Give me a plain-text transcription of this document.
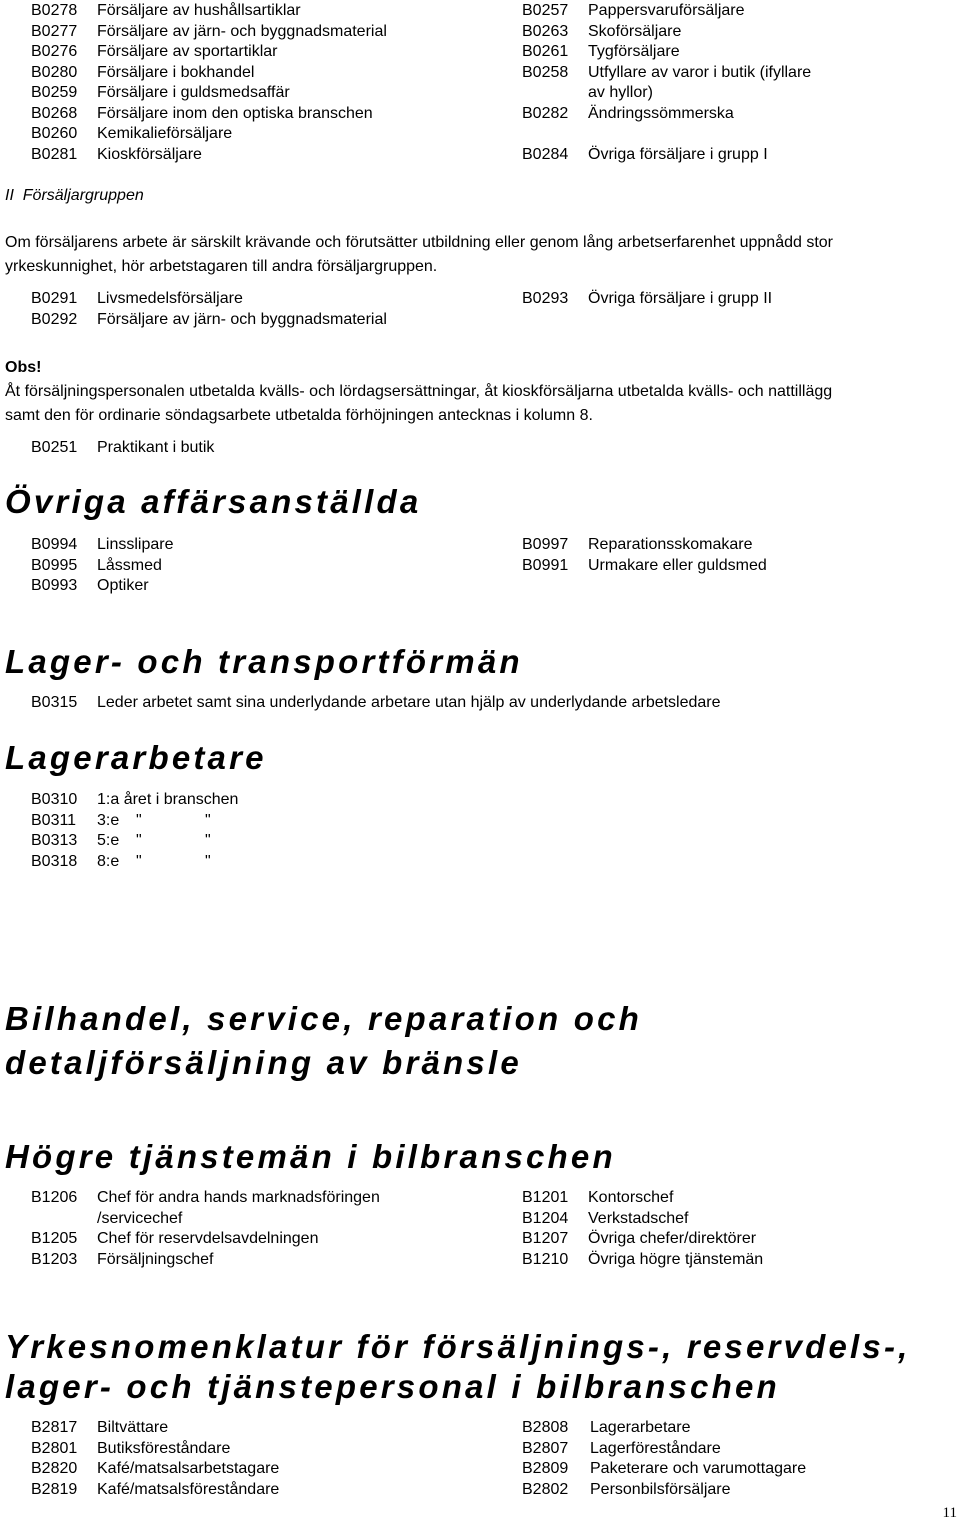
B0278 Försäljare av hushållsartiklar
B0277 Försäljare av järn- och byggnadsmaterial
B0276 Försäljare av sportartiklar
B0280 Försäljare i bokhandel
B0259 Försäljare i guldsmedsaffär
B0268 Försäljare inom den optiska branschen
B0260 Kemikalieförsäljare
B0281 Kioskförsäljare
B0257 Pappersvaruförsäljare
B0263 Skoförsäljare
B0261 Tygförsäljare
B0258 Utfyllare av varor i butik (ifyllare
av hyllor)
B0282 Ändringssömmerska
B0284 Övriga försäljare i grupp I
II  Försäljargruppen
Om försäljarens arbete är särskilt krävande och förutsätter utbildning eller genom lång arbetserfarenhet uppnådd stor
yrkeskunnighet, hör arbetstagaren till andra försäljargruppen.
B0291 Livsmedelsförsäljare
B0292 Försäljare av järn- och byggnadsmaterial
B0293 Övriga försäljare i grupp II
Obs!
Åt försäljningspersonalen utbetalda kvälls- och lördagsersättningar, åt kioskförsäljarna utbetalda kvälls- och nattillägg
samt den för ordinarie söndagsarbete utbetalda förhöjningen antecknas i kolumn 8.
B0251 Praktikant i butik
Övriga affärsanställda
B0994 Linsslipare
B0995 Låssmed
B0993 Optiker
B0997 Reparationsskomakare
B0991 Urmakare eller guldsmed
Lager- och transportförmän
B0315 Leder arbetet samt sina underlydande arbetare utan hjälp av underlydande arbetsledare
Lagerarbetare
B0310 1:a året i branschen
B0311 3:e "	"
B0313 5:e "	"
B0318 8:e "	"
Bilhandel, service, reparation och
detaljförsäljning av bränsle
Högre tjänstemän i bilbranschen
B1206 Chef för andra hands marknadsföringen
/servicechef
B1205 Chef för reservdelsavdelningen
B1203 Försäljningschef
B1201 Kontorschef
B1204 Verkstadschef
B1207 Övriga chefer/direktörer
B1210 Övriga högre tjänstemän
Yrkesnomenklatur för försäljnings-, reservdels-,
lager- och tjänstepersonal i bilbranschen
B2817 Biltvättare
B2801 Butiksföreståndare
B2820 Kafé/matsalsarbetstagare
B2819 Kafé/matsalsföreståndare
B2808 Lagerarbetare
B2807 Lagerföreståndare
B2809 Paketerare och varumottagare
B2802 Personbilsförsäljare
11
